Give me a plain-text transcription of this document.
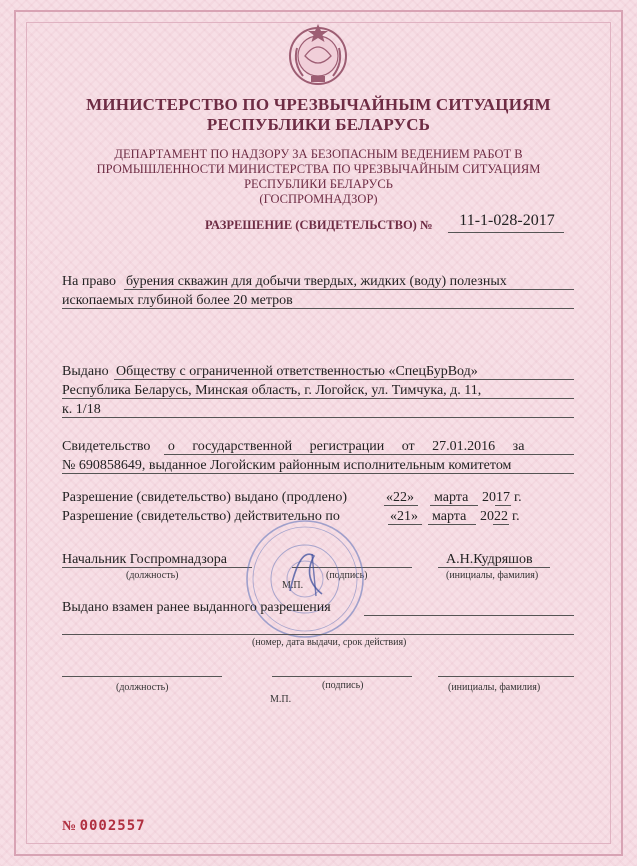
МИНИСТЕРСТВО ПО ЧРЕЗВЫЧАЙНЫМ СИТУАЦИЯМ
РЕСПУБЛИКИ БЕЛАРУСЬ
ДЕПАРТАМЕНТ ПО НАДЗОРУ ЗА БЕЗОПАСНЫМ ВЕДЕНИЕМ РАБОТ В
ПРОМЫШЛЕННОСТИ МИНИСТЕРСТВА ПО ЧРЕЗВЫЧАЙНЫМ СИТУАЦИЯМ
РЕСПУБЛИКИ БЕЛАРУСЬ
(ГОСПРОМНАДЗОР)
РАЗРЕШЕНИЕ (СВИДЕТЕЛЬСТВО) №	11-1-028-2017
На право бурения скважин для добычи твердых, жидких (воду) полезных
ископаемых глубиной более 20 метров
Выдано Обществу с ограниченной ответственностью «СпецБурВод»
Республика Беларусь, Минская область, г. Логойск, ул. Тимчука, д. 11,
к. 1/18
Свидетельство о государственной регистрации от 27.01.2016 за
№ 690858649, выданное Логойским районным исполнительным комитетом
Разрешение (свидетельство) выдано (продлено)	«22» марта 20 17 г.
Разрешение (свидетельство) действительно по	«21» марта 20 22 г.
Начальник Госпромнадзора	А.Н.Кудряшов
(должность)
М.П.
(подпись)	(инициалы, фамилия)
Выдано взамен ранее выданного разрешения
(номер, дата выдачи, срок действия)
(должность)	(подпись)	(инициалы, фамилия)
М.П.
№ 0002557
